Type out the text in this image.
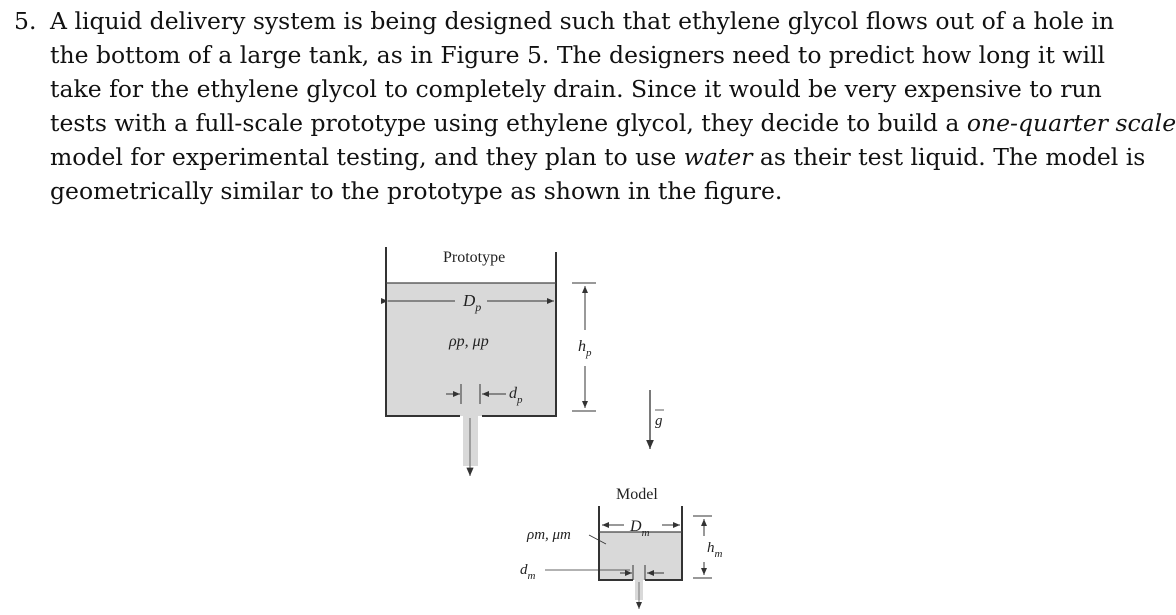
5. A liquid delivery system is being designed such that ethylene glycol flows out of a hole in
the bottom of a large tank, as in Figure 5. The designers need to predict how long it will
take for the ethylene glycol to completely drain. Since it would be very expensive to run
tests with a full-scale prototype using ethylene glycol, they decide to build a one-quarter scale
model for experimental testing, and they plan to use water as their test liquid. The model is
geometrically similar to the prototype as shown in the figure.
Prototype
$D_p$
ρp, μp
$d_p$
$h_p$
g
Model
$D_m$
ρm, μm
$d_m$
$h_m$
